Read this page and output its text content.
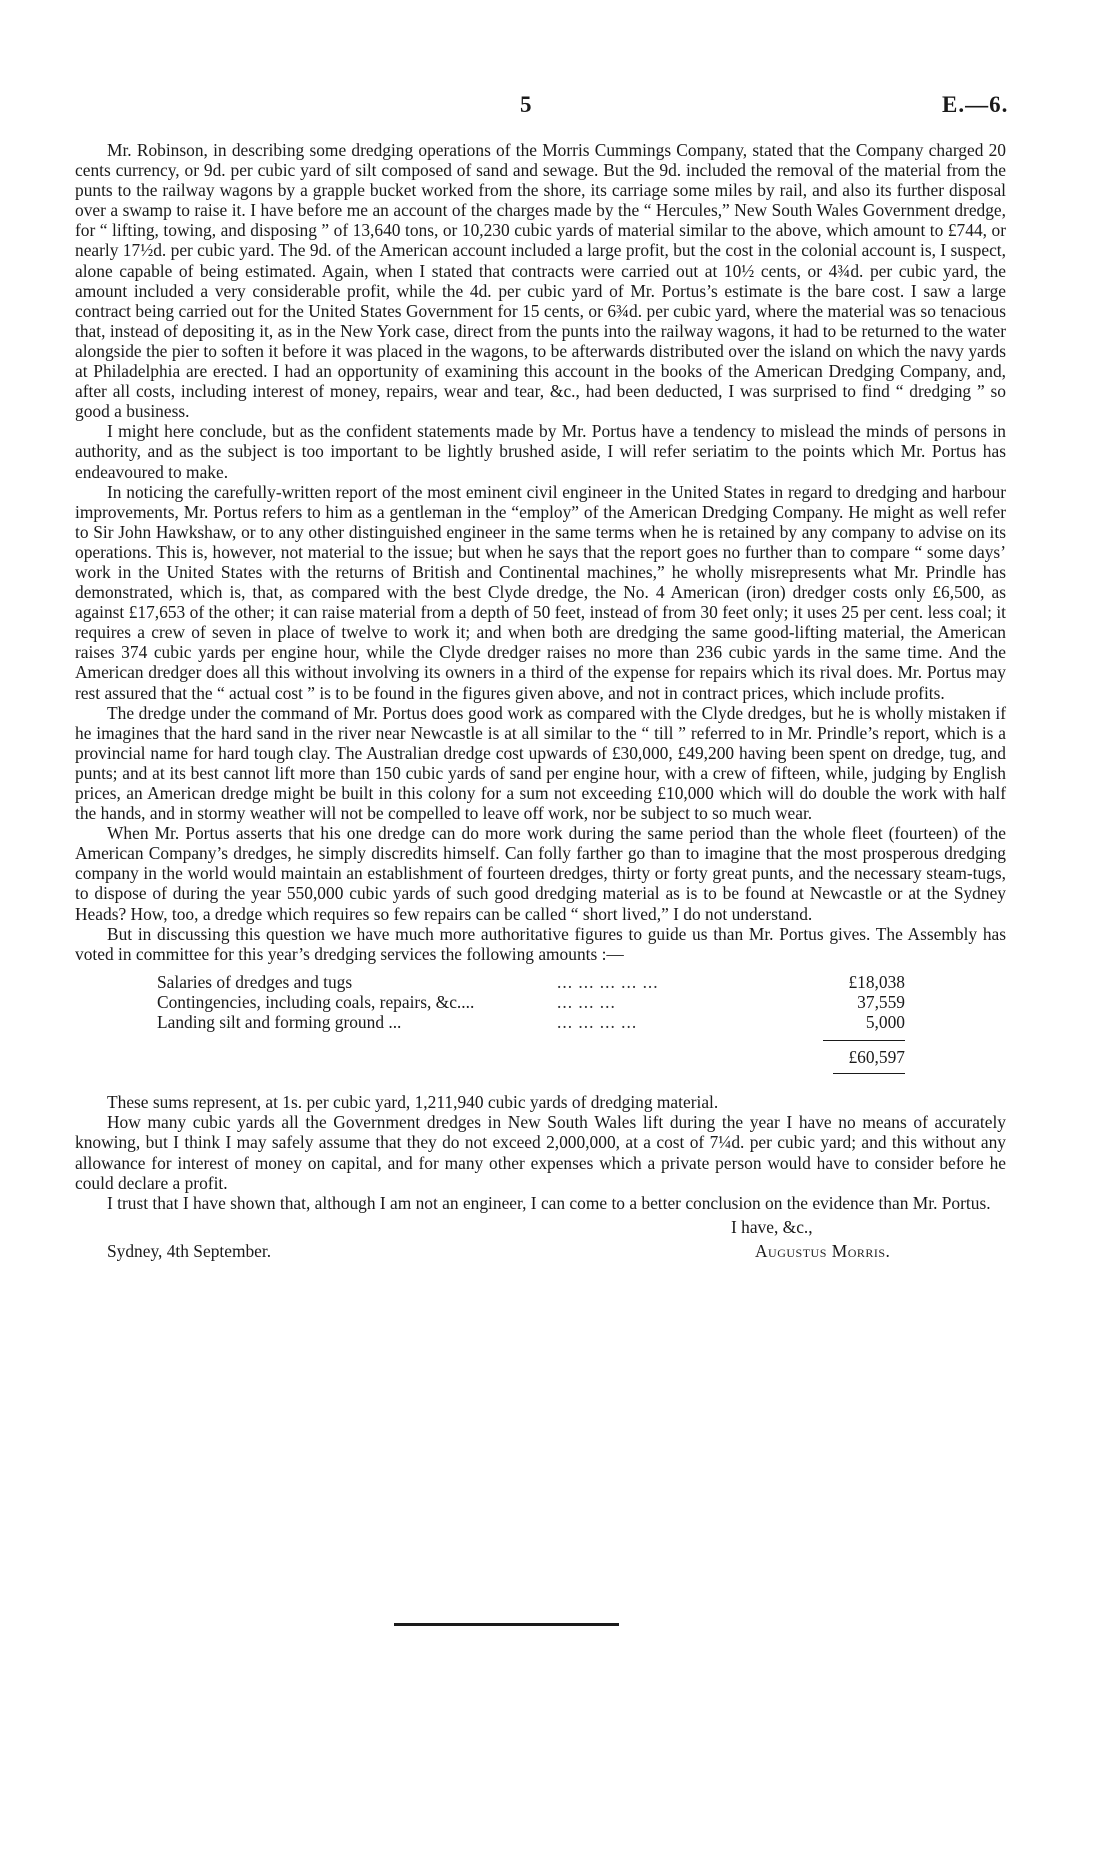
5	E.—6.

Mr. Robinson, in describing some dredging operations of the Morris Cummings Company, stated that the Company charged 20 cents currency, or 9d. per cubic yard of silt composed of sand and sewage. But the 9d. included the removal of the material from the punts to the railway wagons by a grapple bucket worked from the shore, its carriage some miles by rail, and also its further disposal over a swamp to raise it. I have before me an account of the charges made by the “ Hercules,” New South Wales Government dredge, for “ lifting, towing, and disposing ” of 13,640 tons, or 10,230 cubic yards of material similar to the above, which amount to £744, or nearly 17½d. per cubic yard. The 9d. of the American account included a large profit, but the cost in the colonial account is, I suspect, alone capable of being estimated. Again, when I stated that contracts were carried out at 10½ cents, or 4¾d. per cubic yard, the amount included a very considerable profit, while the 4d. per cubic yard of Mr. Portus’s estimate is the bare cost. I saw a large contract being carried out for the United States Government for 15 cents, or 6¾d. per cubic yard, where the material was so tenacious that, instead of depositing it, as in the New York case, direct from the punts into the railway wagons, it had to be returned to the water alongside the pier to soften it before it was placed in the wagons, to be afterwards distributed over the island on which the navy yards at Philadelphia are erected. I had an opportunity of examining this account in the books of the American Dredging Company, and, after all costs, including interest of money, repairs, wear and tear, &c., had been deducted, I was surprised to find “ dredging ” so good a business.

I might here conclude, but as the confident statements made by Mr. Portus have a tendency to mislead the minds of persons in authority, and as the subject is too important to be lightly brushed aside, I will refer seriatim to the points which Mr. Portus has endeavoured to make.

In noticing the carefully-written report of the most eminent civil engineer in the United States in regard to dredging and harbour improvements, Mr. Portus refers to him as a gentleman in the “employ” of the American Dredging Company. He might as well refer to Sir John Hawkshaw, or to any other distinguished engineer in the same terms when he is retained by any company to advise on its operations. This is, however, not material to the issue; but when he says that the report goes no further than to compare “ some days’ work in the United States with the returns of British and Continental machines,” he wholly misrepresents what Mr. Prindle has demonstrated, which is, that, as compared with the best Clyde dredge, the No. 4 American (iron) dredger costs only £6,500, as against £17,653 of the other; it can raise material from a depth of 50 feet, instead of from 30 feet only; it uses 25 per cent. less coal; it requires a crew of seven in place of twelve to work it; and when both are dredging the same good-lifting material, the American raises 374 cubic yards per engine hour, while the Clyde dredger raises no more than 236 cubic yards in the same time. And the American dredger does all this without involving its owners in a third of the expense for repairs which its rival does. Mr. Portus may rest assured that the “ actual cost ” is to be found in the figures given above, and not in contract prices, which include profits.

The dredge under the command of Mr. Portus does good work as compared with the Clyde dredges, but he is wholly mistaken if he imagines that the hard sand in the river near Newcastle is at all similar to the “ till ” referred to in Mr. Prindle’s report, which is a provincial name for hard tough clay. The Australian dredge cost upwards of £30,000, £49,200 having been spent on dredge, tug, and punts; and at its best cannot lift more than 150 cubic yards of sand per engine hour, with a crew of fifteen, while, judging by English prices, an American dredge might be built in this colony for a sum not exceeding £10,000 which will do double the work with half the hands, and in stormy weather will not be compelled to leave off work, nor be subject to so much wear.

When Mr. Portus asserts that his one dredge can do more work during the same period than the whole fleet (fourteen) of the American Company’s dredges, he simply discredits himself. Can folly farther go than to imagine that the most prosperous dredging company in the world would maintain an establishment of fourteen dredges, thirty or forty great punts, and the necessary steam-tugs, to dispose of during the year 550,000 cubic yards of such good dredging material as is to be found at Newcastle or at the Sydney Heads? How, too, a dredge which requires so few repairs can be called “ short lived,” I do not understand.

But in discussing this question we have much more authoritative figures to guide us than Mr. Portus gives. The Assembly has voted in committee for this year’s dredging services the following amounts :—

Salaries of dredges and tugs	... ... ... ... ...	£18,038
Contingencies, including coals, repairs, &c....	... ... ...	37,559
Landing silt and forming ground ...	... ... ... ...	5,000

		£60,597

These sums represent, at 1s. per cubic yard, 1,211,940 cubic yards of dredging material.

How many cubic yards all the Government dredges in New South Wales lift during the year I have no means of accurately knowing, but I think I may safely assume that they do not exceed 2,000,000, at a cost of 7¼d. per cubic yard; and this without any allowance for interest of money on capital, and for many other expenses which a private person would have to consider before he could declare a profit.

I trust that I have shown that, although I am not an engineer, I can come to a better conclusion on the evidence than Mr. Portus.

I have, &c.,
Sydney, 4th September.	Augustus Morris.
